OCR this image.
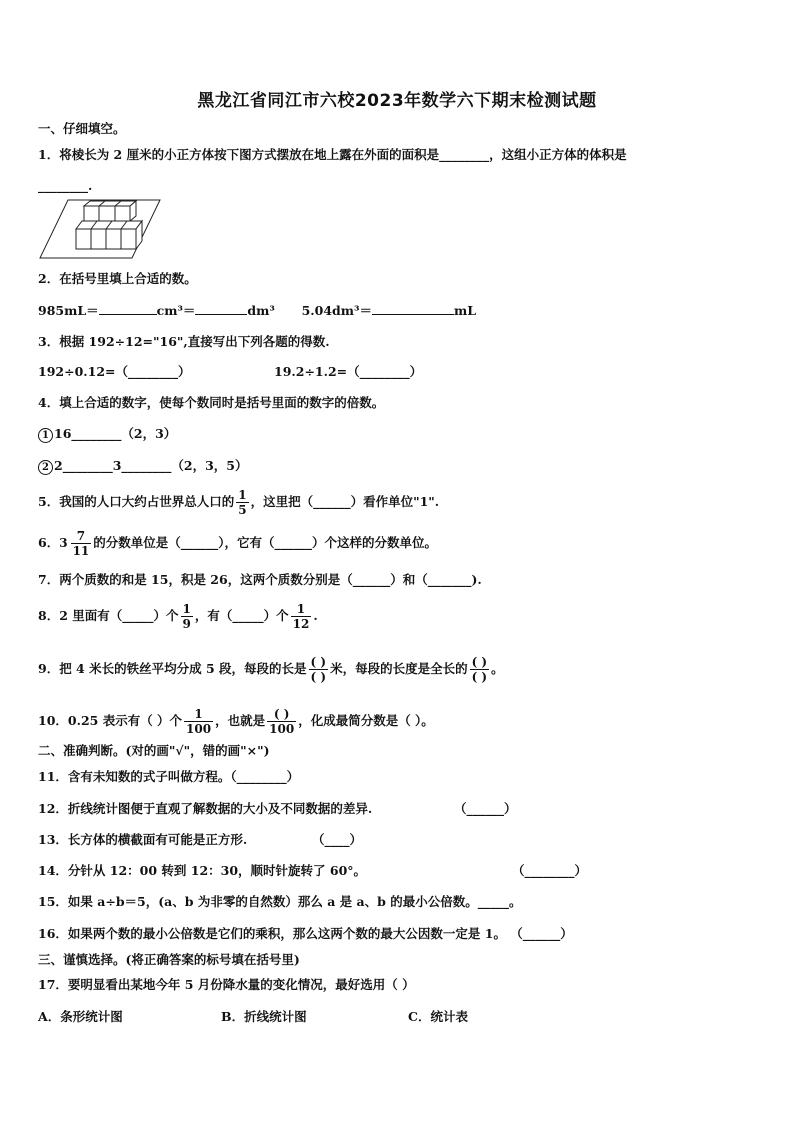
黑龙江省同江市六校2023年数学六下期末检测试题
一、仔细填空。
1．将棱长为 2 厘米的小正方体按下图方式摆放在地上露在外面的面积是________，这组小正方体的体积是
________.
2．在括号里填上合适的数。
985mL＝	cm³＝	dm³ 5.04dm³＝	mL
3．根据 192÷12="16",直接写出下列各题的得数.
192÷0.12=（________）	19.2÷1.2=（________）
4．填上合适的数字，使每个数同时是括号里面的数字的倍数。
1 16________（2，3）
2 2________3________（2，3，5）
5．我国的人口大约占世界总人口的 $\frac{1}{5}$ ，这里把（______）看作单位"1".
6． $3 \frac{7}{11}$ 的分数单位是（______），它有（______）个这样的分数单位。
7．两个质数的和是 15，积是 26，这两个质数分别是（______）和（_______).
8．2 里面有（_____）个 $\frac{1}{9}$ ，有（_____）个 $\frac{1}{12}$ .
9．把 4 米长的铁丝平均分成 5 段，每段的长是 $\frac{( )}{( )}$ 米，每段的长度是全长的 $\frac{( )}{( )}$ 。
10．0.25 表示有（ ）个 $\frac{1}{100}$ ，也就是 $\frac{( )}{100}$ ，化成最简分数是（ ）。
二、准确判断。(对的画"√"，错的画"×")
11．含有未知数的式子叫做方程。（________）
12．折线统计图便于直观了解数据的大小及不同数据的差异.	（______）
13．长方体的横截面有可能是正方形.	（____）
14．分针从 12：00 转到 12：30，顺时针旋转了 60°。	（________）
15．如果 a÷b＝5，(a、b 为非零的自然数）那么 a 是 a、b 的最小公倍数。_____。
16．如果两个数的最小公倍数是它们的乘积，那么这两个数的最大公因数一定是 1。 （______）
三、谨慎选择。(将正确答案的标号填在括号里)
17．要明显看出某地今年 5 月份降水量的变化情况，最好选用（ ）
A．条形统计图	B．折线统计图	C．统计表
